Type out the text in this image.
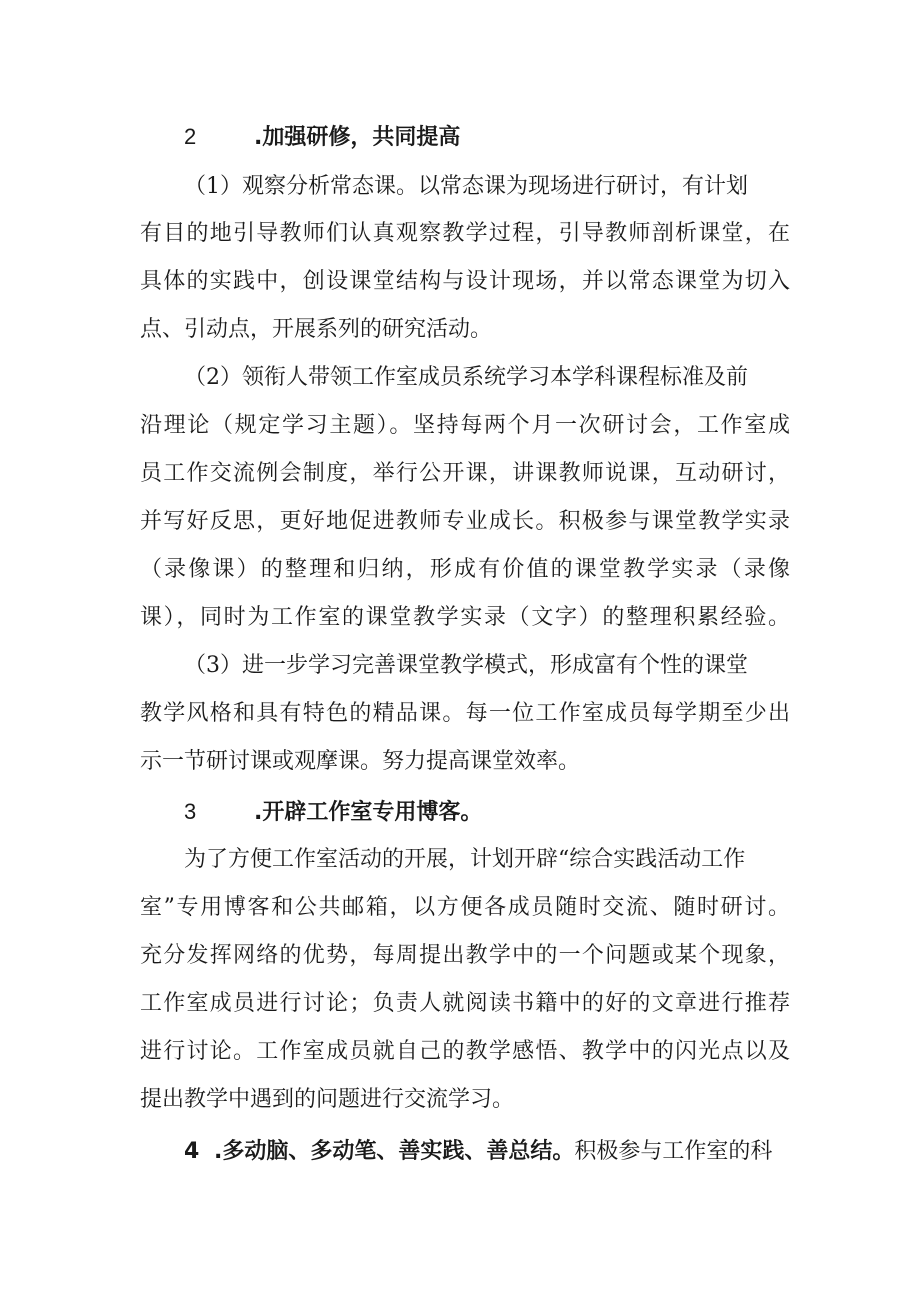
2	.加强研修，共同提高
（1）观察分析常态课。以常态课为现场进行研讨，有计划
有目的地引导教师们认真观察教学过程，引导教师剖析课堂，在
具体的实践中，创设课堂结构与设计现场，并以常态课堂为切入
点、引动点，开展系列的研究活动。
（2）领衔人带领工作室成员系统学习本学科课程标准及前
沿理论（规定学习主题）。坚持每两个月一次研讨会，工作室成
员工作交流例会制度，举行公开课，讲课教师说课，互动研讨，
并写好反思，更好地促进教师专业成长。积极参与课堂教学实录
（录像课）的整理和归纳，形成有价值的课堂教学实录（录像
课），同时为工作室的课堂教学实录（文字）的整理积累经验。
（3）进一步学习完善课堂教学模式，形成富有个性的课堂
教学风格和具有特色的精品课。每一位工作室成员每学期至少出
示一节研讨课或观摩课。努力提高课堂效率。
3	.开辟工作室专用博客。
为了方便工作室活动的开展，计划开辟“综合实践活动工作
室”专用博客和公共邮箱，以方便各成员随时交流、随时研讨。
充分发挥网络的优势，每周提出教学中的一个问题或某个现象，
工作室成员进行讨论；负责人就阅读书籍中的好的文章进行推荐
进行讨论。工作室成员就自己的教学感悟、教学中的闪光点以及
提出教学中遇到的问题进行交流学习。
4 .多动脑、多动笔、善实践、善总结。积极参与工作室的科
